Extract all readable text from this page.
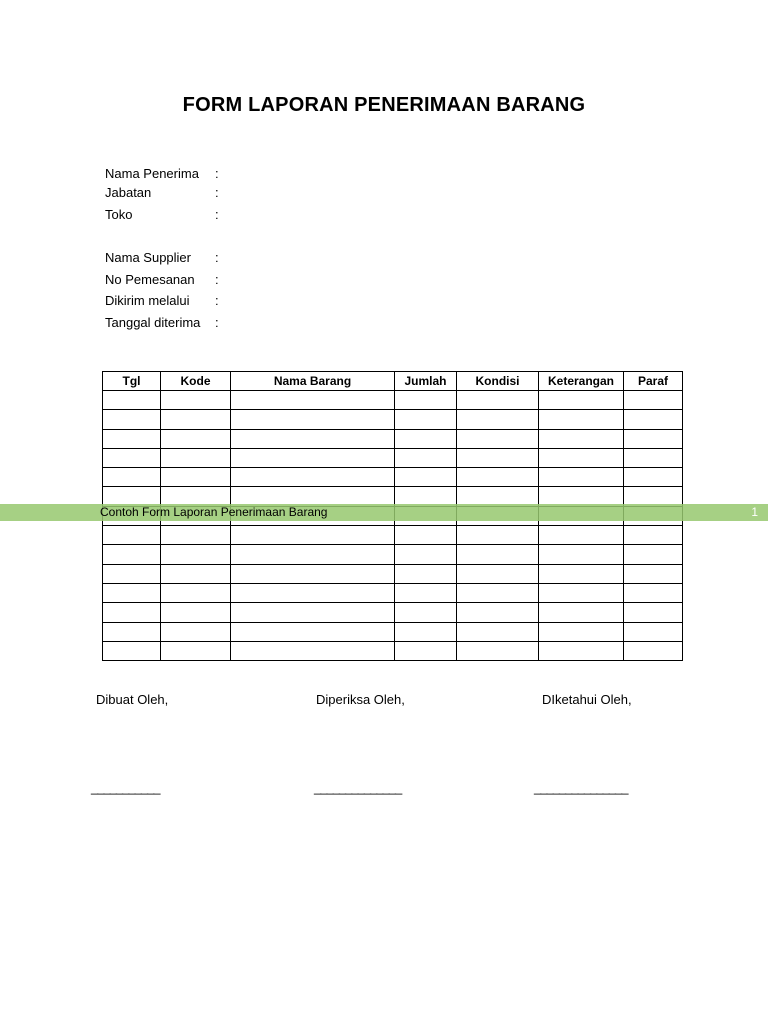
FORM LAPORAN PENERIMAAN BARANG
Nama Penerima :
Jabatan	:
Toko	:
Nama Supplier :
No Pemesanan :
Dikirim melalui :
Tanggal diterima :
Tgl	Kode	Nama Barang	Jumlah	Kondisi	Keterangan	Paraf

Contoh Form Laporan Penerimaan Barang	1
Dibuat Oleh,	Diperiksa Oleh,	DIketahui Oleh,
___________	______________	_______________
